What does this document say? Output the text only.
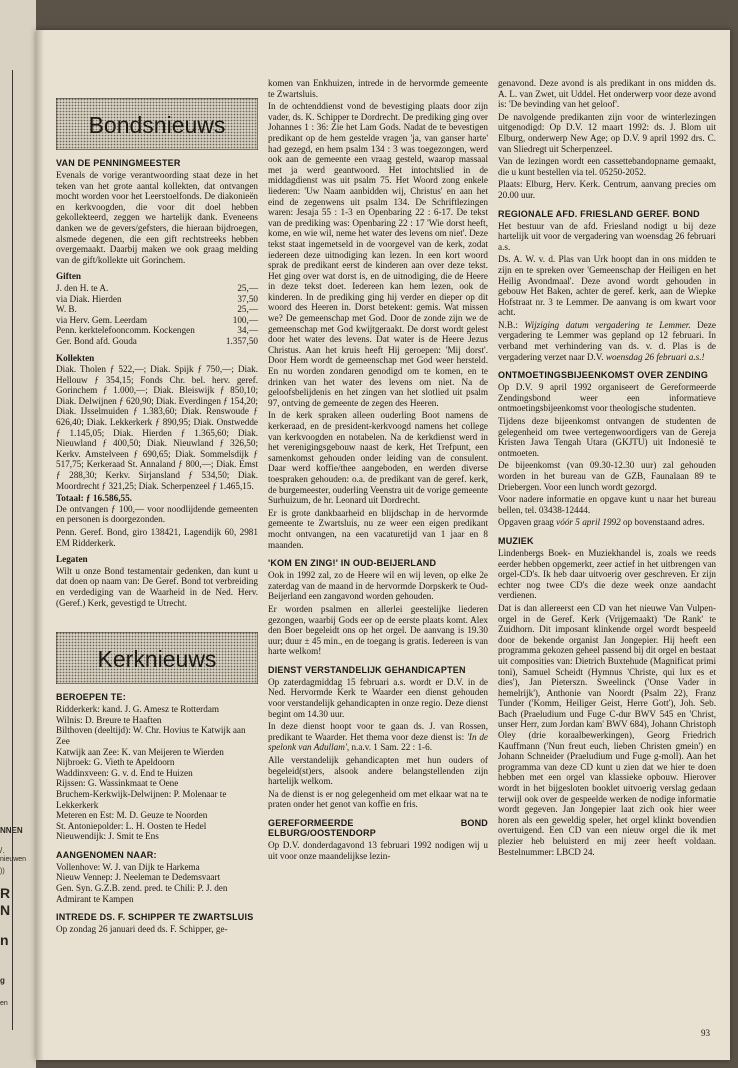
NNEN
/.
nieuwen
))
R
N
n
g
en
Bondsnieuws
VAN DE PENNINGMEESTER

Evenals de vorige verantwoording staat deze in het teken van het grote aantal kollekten, dat ontvangen mocht worden voor het Leerstoelfonds. De diakonieën en kerkvoogden, die voor dit doel hebben gekollekteerd, zeggen we hartelijk dank. Eveneens danken we de gevers/gefsters, die hieraan bijdroegen, alsmede degenen, die een gift rechtstreeks hebben overgemaakt. Daarbij maken we ook graag melding van de gift/kollekte uit Gorinchem.

Giften
J. den H. te A.	25,—
via Diak. Hierden	37,50
W. B.	25,—
via Herv. Gem. Leerdam	100,—
Penn. kerktelefooncomm. Kockengen	34,—
Ger. Bond afd. Gouda	1.357,50
Kollekten

Diak. Tholen ƒ 522,—; Diak. Spijk ƒ 750,—; Diak. Hellouw ƒ 354,15; Fonds Chr. bel. herv. geref. Gorinchem ƒ 1.000,—; Diak. Bleiswijk ƒ 850,10; Diak. Delwijnen ƒ 620,90; Diak. Everdingen ƒ 154,20; Diak. IJsselmuiden ƒ 1.383,60; Diak. Renswoude ƒ 626,40; Diak. Lekkerkerk ƒ 890,95; Diak. Onstwedde ƒ 1.145,05; Diak. Hierden ƒ 1.365,60; Diak. Nieuwland ƒ 400,50; Diak. Nieuwland ƒ 326,50; Kerkv. Amstelveen ƒ 690,65; Diak. Sommelsdijk ƒ 517,75; Kerkeraad St. Annaland ƒ 800,—; Diak. Emst ƒ 288,30; Kerkv. Sirjansland ƒ 534,50; Diak. Moordrecht ƒ 321,25; Diak. Scherpenzeel ƒ 1.465,15.

Totaal: ƒ 16.586,55.

De ontvangen ƒ 100,— voor noodlijdende gemeenten en personen is doorgezonden.

Penn. Geref. Bond, giro 138421, Lagendijk 60, 2981 EM Ridderkerk.

Legaten

Wilt u onze Bond testamentair gedenken, dan kunt u dat doen op naam van: De Geref. Bond tot verbreiding en verdediging van de Waarheid in de Ned. Herv. (Geref.) Kerk, gevestigd te Utrecht.

Kerknieuws
BEROEPEN TE:
Ridderkerk: kand. J. G. Amesz te Rotterdam
Wilnis: D. Breure te Haaften
Bilthoven (deeltijd): W. Chr. Hovius te Katwijk aan Zee
Katwijk aan Zee: K. van Meijeren te Wierden
Nijbroek: G. Vieth te Apeldoorn
Waddinxveen: G. v. d. End te Huizen
Rijssen: G. Wassinkmaat te Oene
Bruchem-Kerkwijk-Delwijnen: P. Molenaar te Lekkerkerk
Meteren en Est: M. D. Geuze te Noorden
St. Antoniepolder: L. H. Oosten te Hedel
Nieuwendijk: J. Smit te Ens
AANGENOMEN NAAR:
Vollenhove: W. J. van Dijk te Harkema
Nieuw Vennep: J. Neeleman te Dedemsvaart
Gen. Syn. G.Z.B. zend. pred. te Chili: P. J. den Admirant te Kampen
INTREDE DS. F. SCHIPPER TE ZWARTSLUIS

Op zondag 26 januari deed ds. F. Schipper, ge-

komen van Enkhuizen, intrede in de hervormde gemeente te Zwartsluis.

In de ochtenddienst vond de bevestiging plaats door zijn vader, ds. K. Schipper te Dordrecht. De prediking ging over Johannes 1 : 36: Zie het Lam Gods. Nadat de te bevestigen predikant op de hem gestelde vragen 'ja, van ganser harte' had gezegd, en hem psalm 134 : 3 was toegezongen, werd ook aan de gemeente een vraag gesteld, waarop massaal met ja werd geantwoord. Het intochtslied in de middagdienst was uit psalm 75. Het Woord zong enkele liederen: 'Uw Naam aanbidden wij, Christus' en aan het eind de zegenwens uit psalm 134. De Schriftlezingen waren: Jesaja 55 : 1-3 en Openbaring 22 : 6-17. De tekst van de prediking was: Openbaring 22 : 17 'Wie dorst heeft, kome, en wie wil, neme het water des levens om niet'. Deze tekst staat ingemetseld in de voorgevel van de kerk, zodat iedereen deze uitnodiging kan lezen. In een kort woord sprak de predikant eerst de kinderen aan over deze tekst. Het ging over wat dorst is, en de uitnodiging, die de Heere in deze tekst doet. Iedereen kan hem lezen, ook de kinderen. In de prediking ging hij verder en dieper op dit woord des Heeren in. Dorst betekent: gemis. Wat missen we? De gemeenschap met God. Door de zonde zijn we de gemeenschap met God kwijtgeraakt. De dorst wordt gelest door het water des levens. Dat water is de Heere Jezus Christus. Aan het kruis heeft Hij geroepen: 'Mij dorst'. Door Hem wordt de gemeenschap met God weer hersteld. En nu worden zondaren genodigd om te komen, en te drinken van het water des levens om niet. Na de geloofsbelijdenis en het zingen van het slotlied uit psalm 97, ontving de gemeente de zegen des Heeren.

In de kerk spraken alleen ouderling Boot namens de kerkeraad, en de president-kerkvoogd namens het college van kerkvoogden en notabelen. Na de kerkdienst werd in het verenigingsgebouw naast de kerk, Het Trefpunt, een samenkomst gehouden onder leiding van de consulent. Daar werd koffie/thee aangeboden, en werden diverse toespraken gehouden: o.a. de predikant van de geref. kerk, de burgemeester, ouderling Veenstra uit de vorige gemeente Surhuizum, de hr. Leonard uit Dordrecht.

Er is grote dankbaarheid en blijdschap in de hervormde gemeente te Zwartsluis, nu ze weer een eigen predikant mocht ontvangen, na een vacaturetijd van 1 jaar en 8 maanden.

'KOM EN ZING!' IN OUD-BEIJERLAND

Ook in 1992 zal, zo de Heere wil en wij leven, op elke 2e zaterdag van de maand in de hervormde Dorpskerk te Oud-Beijerland een zangavond worden gehouden.

Er worden psalmen en allerlei geestelijke liederen gezongen, waarbij Gods eer op de eerste plaats komt. Alex den Boer begeleidt ons op het orgel. De aanvang is 19.30 uur; duur ± 45 min., en de toegang is gratis. Iedereen is van harte welkom!

DIENST VERSTANDELIJK GEHANDICAPTEN

Op zaterdagmiddag 15 februari a.s. wordt er D.V. in de Ned. Hervormde Kerk te Waarder een dienst gehouden voor verstandelijk gehandicapten in onze regio. Deze dienst begint om 14.30 uur.

In deze dienst hoopt voor te gaan ds. J. van Rossen, predikant te Waarder. Het thema voor deze dienst is: 'In de spelonk van Adullam', n.a.v. 1 Sam. 22 : 1-6.

Alle verstandelijk gehandicapten met hun ouders of begeleid(st)ers, alsook andere belangstellenden zijn hartelijk welkom.

Na de dienst is er nog gelegenheid om met elkaar wat na te praten onder het genot van koffie en fris.

GEREFORMEERDE BOND ELBURG/OOSTENDORP

Op D.V. donderdagavond 13 februari 1992 nodigen wij u uit voor onze maandelijkse lezin-

genavond. Deze avond is als predikant in ons midden ds. A. L. van Zwet, uit Uddel. Het onderwerp voor deze avond is: 'De bevinding van het geloof'.

De navolgende predikanten zijn voor de winterlezingen uitgenodigd: Op D.V. 12 maart 1992: ds. J. Blom uit Elburg, onderwerp New Age; op D.V. 9 april 1992 drs. C. van Sliedregt uit Scherpenzeel.

Van de lezingen wordt een cassettebandopname gemaakt, die u kunt bestellen via tel. 05250-2052.

Plaats: Elburg, Herv. Kerk. Centrum, aanvang precies om 20.00 uur.

REGIONALE AFD. FRIESLAND GEREF. BOND

Het bestuur van de afd. Friesland nodigt u bij deze hartelijk uit voor de vergadering van woensdag 26 februari a.s.

Ds. A. W. v. d. Plas van Urk hoopt dan in ons midden te zijn en te spreken over 'Gemeenschap der Heiligen en het Heilig Avondmaal'. Deze avond wordt gehouden in gebouw Het Baken, achter de geref. kerk, aan de Wiepke Hofstraat nr. 3 te Lemmer. De aanvang is om kwart voor acht.

N.B.: Wijziging datum vergadering te Lemmer. Deze vergadering te Lemmer was gepland op 12 februari. In verband met verhindering van ds. v. d. Plas is de vergadering verzet naar D.V. woensdag 26 februari a.s.!

ONTMOETINGSBIJEENKOMST OVER ZENDING

Op D.V. 9 april 1992 organiseert de Gereformeerde Zendingsbond weer een informatieve ontmoetingsbijeenkomst voor theologische studenten.

Tijdens deze bijeenkomst ontvangen de studenten de gelegenheid om twee vertegenwoordigers van de Gereja Kristen Jawa Tengah Utara (GKJTU) uit Indonesië te ontmoeten.

De bijeenkomst (van 09.30-12.30 uur) zal gehouden worden in het bureau van de GZB, Faunalaan 89 te Driebergen. Voor een lunch wordt gezorgd.

Voor nadere informatie en opgave kunt u naar het bureau bellen, tel. 03438-12444.

Opgaven graag vóór 5 april 1992 op bovenstaand adres.

MUZIEK

Lindenbergs Boek- en Muziekhandel is, zoals we reeds eerder hebben opgemerkt, zeer actief in het uitbrengen van orgel-CD's. Ik heb daar uitvoerig over geschreven. Er zijn echter nog twee CD's die deze week onze aandacht verdienen.

Dat is dan allereerst een CD van het nieuwe Van Vulpen-orgel in de Geref. Kerk (Vrijgemaakt) 'De Rank' te Zuidhorn. Dit imposant klinkende orgel wordt bespeeld door de bekende organist Jan Jongepier. Hij heeft een programma gekozen geheel passend bij dit orgel en bestaat uit composities van: Dietrich Buxtehude (Magnificat primi toni), Samuel Scheidt (Hymnus 'Christe, qui lux es et dies'), Jan Pieterszn. Sweelinck ('Onse Vader in hemelrijk'), Anthonie van Noordt (Psalm 22), Franz Tunder ('Komm, Heiliger Geist, Herre Gott'), Joh. Seb. Bach (Praeludium und Fuge C-dur BWV 545 en 'Christ, unser Herr, zum Jordan kam' BWV 684), Johann Christoph Oley (drie koraalbewerkingen), Georg Friedrich Kauffmann ('Nun freut euch, lieben Christen gmein') en Johann Schneider (Praeludium und Fuge g-moll). Aan het programma van deze CD kunt u zien dat we hier te doen hebben met een orgel van klassieke opbouw. Hierover wordt in het bijgesloten booklet uitvoerig verslag gedaan terwijl ook over de gespeelde werken de nodige informatie wordt gegeven. Jan Jongepier laat zich ook hier weer horen als een geweldig speler, het orgel klinkt bovendien overtuigend. Een CD van een nieuw orgel die ik met plezier heb beluisterd en mij zeer heeft voldaan. Bestelnummer: LBCD 24.

93
